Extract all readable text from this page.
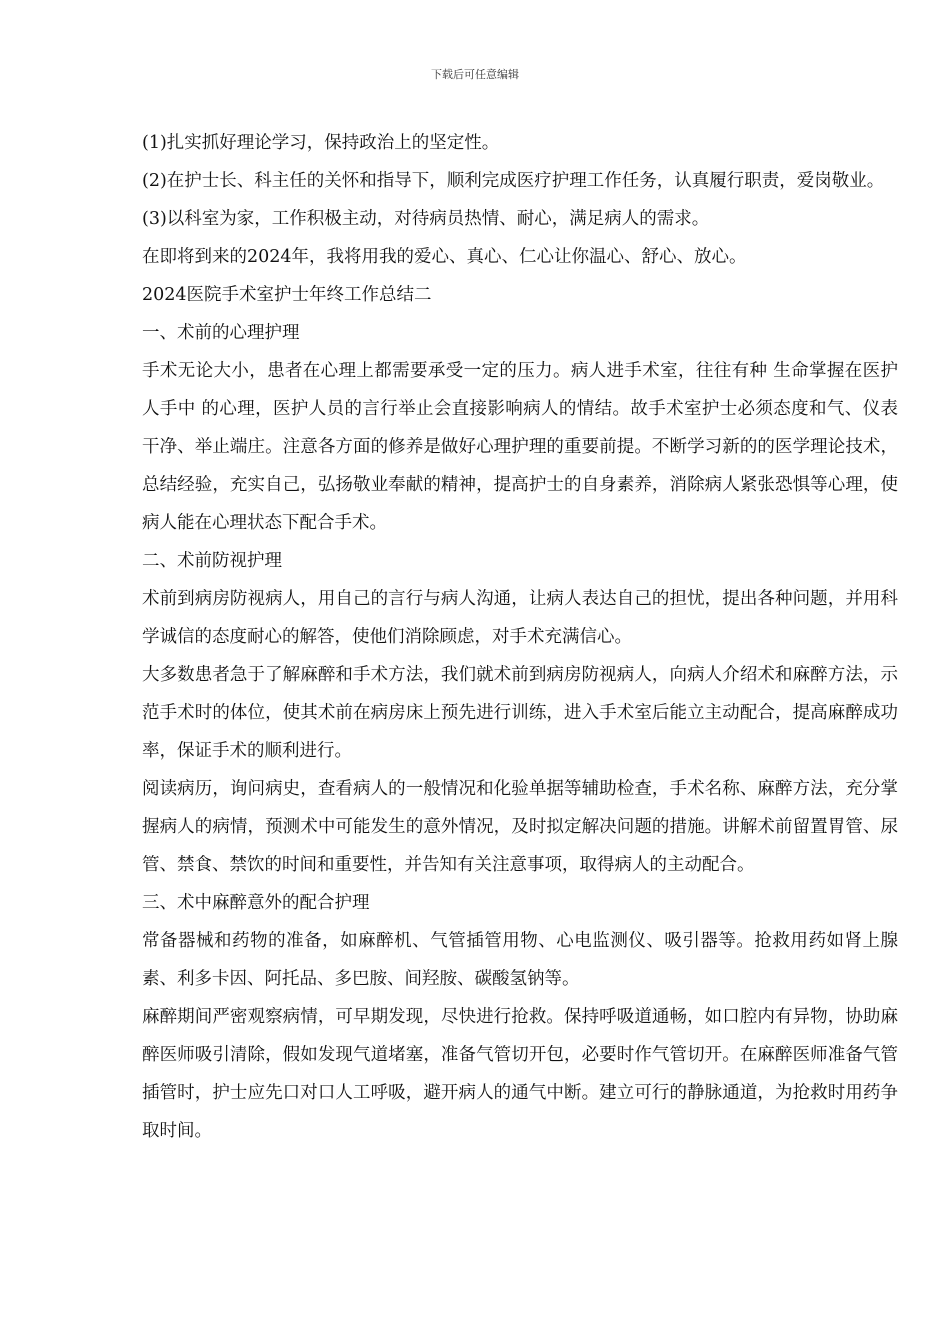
下载后可任意编辑

(1)扎实抓好理论学习，保持政治上的坚定性。

(2)在护士长、科主任的关怀和指导下，顺利完成医疗护理工作任务，认真履行职责，爱岗敬业。

(3)以科室为家，工作积极主动，对待病员热情、耐心，满足病人的需求。

在即将到来的2024年，我将用我的爱心、真心、仁心让你温心、舒心、放心。

2024医院手术室护士年终工作总结二

一、术前的心理护理

手术无论大小，患者在心理上都需要承受一定的压力。病人进手术室，往往有种 生命掌握在医护人手中 的心理，医护人员的言行举止会直接影响病人的情结。故手术室护士必须态度和气、仪表干净、举止端庄。注意各方面的修养是做好心理护理的重要前提。不断学习新的的医学理论技术，总结经验，充实自己，弘扬敬业奉献的精神，提高护士的自身素养，消除病人紧张恐惧等心理，使病人能在心理状态下配合手术。

二、术前防视护理

术前到病房防视病人，用自己的言行与病人沟通，让病人表达自己的担忧，提出各种问题，并用科学诚信的态度耐心的解答，使他们消除顾虑，对手术充满信心。

大多数患者急于了解麻醉和手术方法，我们就术前到病房防视病人，向病人介绍术和麻醉方法，示范手术时的体位，使其术前在病房床上预先进行训练，进入手术室后能立主动配合，提高麻醉成功率，保证手术的顺利进行。

阅读病历，询问病史，查看病人的一般情况和化验单据等辅助检查，手术名称、麻醉方法，充分掌握病人的病情，预测术中可能发生的意外情况，及时拟定解决问题的措施。讲解术前留置胃管、尿管、禁食、禁饮的时间和重要性，并告知有关注意事项，取得病人的主动配合。

三、术中麻醉意外的配合护理

常备器械和药物的准备，如麻醉机、气管插管用物、心电监测仪、吸引器等。抢救用药如肾上腺素、利多卡因、阿托品、多巴胺、间羟胺、碳酸氢钠等。

麻醉期间严密观察病情，可早期发现，尽快进行抢救。保持呼吸道通畅，如口腔内有异物，协助麻醉医师吸引清除，假如发现气道堵塞，准备气管切开包，必要时作气管切开。在麻醉医师准备气管插管时，护士应先口对口人工呼吸，避开病人的通气中断。建立可行的静脉通道，为抢救时用药争取时间。
